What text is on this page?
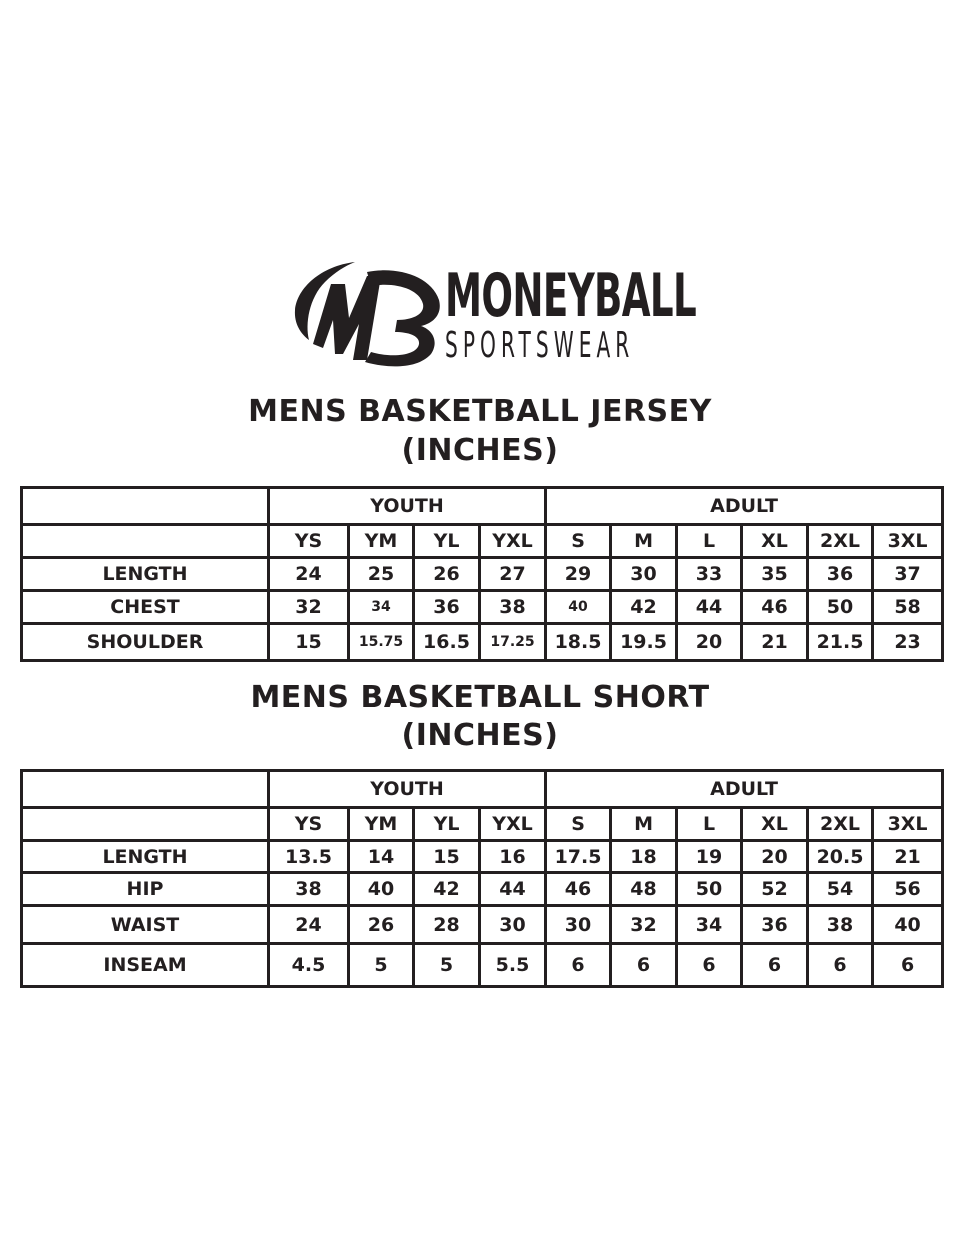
MONEYBALL
SPORTSWEAR
MENS BASKETBALL JERSEY
(INCHES)
	YOUTH				ADULT					
	YS	YM	YL	YXL	S	M	L	XL	2XL	3XL
LENGTH	24	25	26	27	29	30	33	35	36	37
CHEST	32	34	36	38	40	42	44	46	50	58
SHOULDER	15	15.75	16.5	17.25	18.5	19.5	20	21	21.5	23
MENS BASKETBALL SHORT
(INCHES)
	YOUTH				ADULT					
	YS	YM	YL	YXL	S	M	L	XL	2XL	3XL
LENGTH	13.5	14	15	16	17.5	18	19	20	20.5	21
HIP	38	40	42	44	46	48	50	52	54	56
WAIST	24	26	28	30	30	32	34	36	38	40
INSEAM	4.5	5	5	5.5	6	6	6	6	6	6
